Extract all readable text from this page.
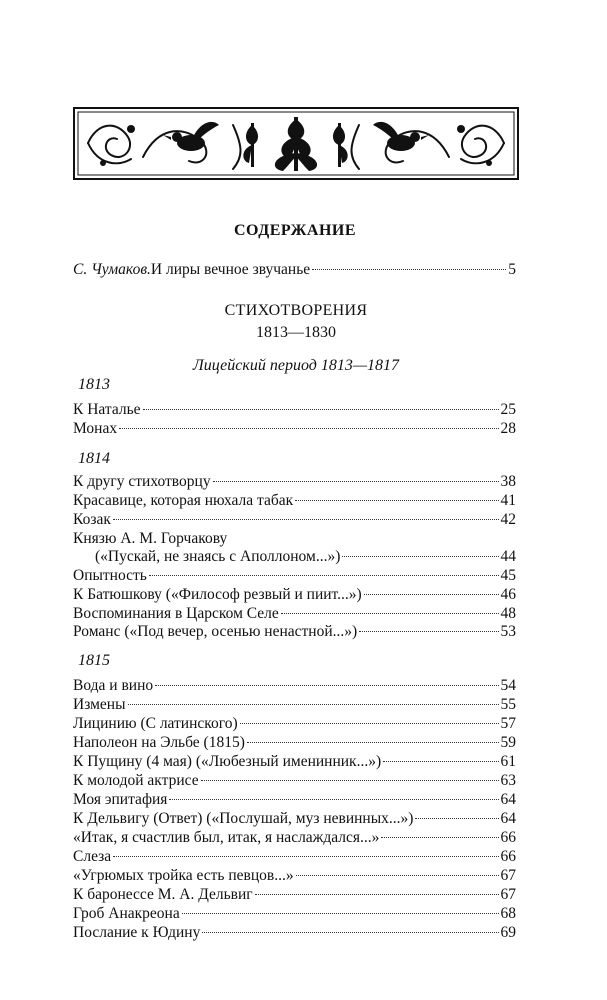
СОДЕРЖАНИЕ
С. Чумаков. И лиры вечное звучанье	5
СТИХОТВОРЕНИЯ
1813—1830
Лицейский период 1813—1817
1813
К Наталье	25
Монах	28
1814
К другу стихотворцу	38
Красавице, которая нюхала табак	41
Козак	42
Князю А. М. Горчакову
(«Пускай, не знаясь с Аполлоном...»)	44
Опытность	45
К Батюшкову («Философ резвый и пиит...»)	46
Воспоминания в Царском Селе	48
Романс («Под вечер, осенью ненастной...»)	53
1815
Вода и вино	54
Измены	55
Лицинию (С латинского)	57
Наполеон на Эльбе (1815)	59
К Пущину (4 мая) («Любезный именинник...»)	61
К молодой актрисе	63
Моя эпитафия	64
К Дельвигу (Ответ) («Послушай, муз невинных...»)	64
«Итак, я счастлив был, итак, я наслаждался...»	66
Слеза	66
«Угрюмых тройка есть певцов...»	67
К баронессе М. А. Дельвиг	67
Гроб Анакреона	68
Послание к Юдину	69
